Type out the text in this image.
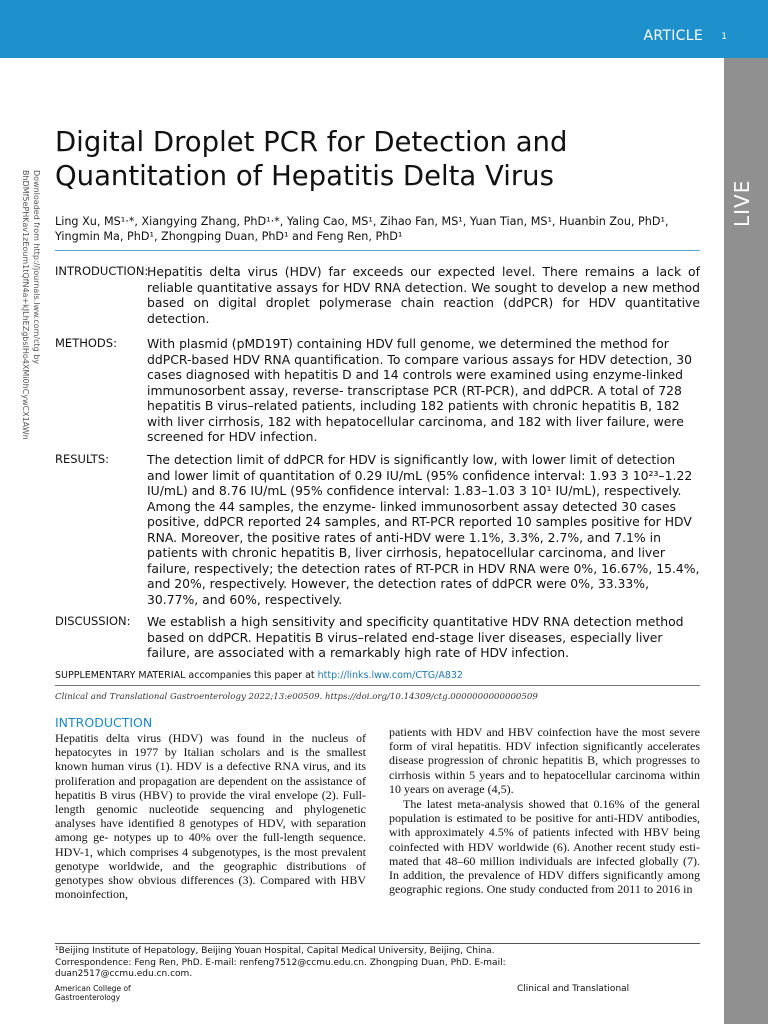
ARTICLE 1
LIVE
Downloaded from http://journals.lww.com/ctg by
BhDMf5ePHKav1zEoum1tQfN4a+kJLhEZgbsIHo4XMi0hCywCX1AWn
Digital Droplet PCR for Detection and Quantitation of Hepatitis Delta Virus
Ling Xu, MS¹·*, Xiangying Zhang, PhD¹·*, Yaling Cao, MS¹, Zihao Fan, MS¹, Yuan Tian, MS¹, Huanbin Zou, PhD¹,
Yingmin Ma, PhD¹, Zhongping Duan, PhD¹ and Feng Ren, PhD¹
INTRODUCTION:
Hepatitis delta virus (HDV) far exceeds our expected level. There remains a lack of reliable quantitative assays for HDV RNA detection. We sought to develop a new method based on digital droplet polymerase chain reaction (ddPCR) for HDV quantitative detection.
METHODS: With plasmid (pMD19T) containing HDV full genome, we determined the method for ddPCR-based HDV RNA quantification. To compare various assays for HDV detection, 30 cases diagnosed with hepatitis D and 14 controls were examined using enzyme-linked immunosorbent assay, reverse- transcriptase PCR (RT-PCR), and ddPCR. A total of 728 hepatitis B virus–related patients, including 182 patients with chronic hepatitis B, 182 with liver cirrhosis, 182 with hepatocellular carcinoma, and 182 with liver failure, were screened for HDV infection.
RESULTS:	The detection limit of ddPCR for HDV is significantly low, with lower limit of detection and lower limit of quantitation of 0.29 IU/mL (95% confidence interval: 1.93 3 10²³–1.22 IU/mL) and 8.76 IU/mL (95% confidence interval: 1.83–1.03 3 10¹ IU/mL), respectively. Among the 44 samples, the enzyme- linked immunosorbent assay detected 30 cases positive, ddPCR reported 24 samples, and RT-PCR reported 10 samples positive for HDV RNA. Moreover, the positive rates of anti-HDV were 1.1%, 3.3%, 2.7%, and 7.1% in patients with chronic hepatitis B, liver cirrhosis, hepatocellular carcinoma, and liver failure, respectively; the detection rates of RT-PCR in HDV RNA were 0%, 16.67%, 15.4%, and 20%, respectively. However, the detection rates of ddPCR were 0%, 33.33%, 30.77%, and 60%, respectively.
DISCUSSION: We establish a high sensitivity and specificity quantitative HDV RNA detection method based on ddPCR. Hepatitis B virus–related end-stage liver diseases, especially liver failure, are associated with a remarkably high rate of HDV infection.
SUPPLEMENTARY MATERIAL accompanies this paper at http://links.lww.com/CTG/A832
Clinical and Translational Gastroenterology 2022;13:e00509. https://doi.org/10.14309/ctg.0000000000000509
INTRODUCTION

Hepatitis delta virus (HDV) was found in the nucleus of hepatocytes in 1977 by Italian scholars and is the smallest known human virus (1). HDV is a defective RNA virus, and its proliferation and propagation are dependent on the assistance of hepatitis B virus (HBV) to provide the viral envelope (2). Full-length genomic nucleotide sequencing and phylogenetic analyses have identified 8 genotypes of HDV, with separation among ge- notypes up to 40% over the full-length sequence. HDV-1, which comprises 4 subgenotypes, is the most prevalent genotype worldwide, and the geographic distributions of genotypes show obvious differences (3). Compared with HBV monoinfection,

patients with HDV and HBV coinfection have the most severe form of viral hepatitis. HDV infection significantly accelerates disease progression of chronic hepatitis B, which progresses to cirrhosis within 5 years and to hepatocellular carcinoma within 10 years on average (4,5).

The latest meta-analysis showed that 0.16% of the general population is estimated to be positive for anti-HDV antibodies, with approximately 4.5% of patients infected with HBV being coinfected with HDV worldwide (6). Another recent study esti- mated that 48–60 million individuals are infected globally (7). In addition, the prevalence of HDV differs significantly among geographic regions. One study conducted from 2011 to 2016 in

¹Beijing Institute of Hepatology, Beijing Youan Hospital, Capital Medical University, Beijing, China.
Correspondence: Feng Ren, PhD. E-mail: renfeng7512@ccmu.edu.cn. Zhongping Duan, PhD. E-mail:
duan2517@ccmu.edu.cn.com.
American College of
Gastroenterology
Clinical and Translational
